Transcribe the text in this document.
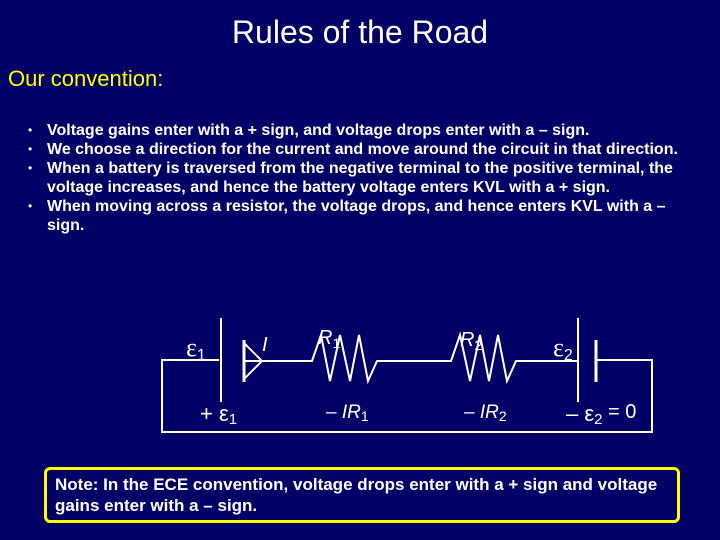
Rules of the Road
Our convention:
• Voltage gains enter with a + sign, and voltage drops enter with a – sign.
• We choose a direction for the current and move around the circuit in that direction.
• When a battery is traversed from the negative terminal to the positive terminal, the voltage increases, and hence the battery voltage enters KVL with a + sign.
• When moving across a resistor, the voltage drops, and hence enters KVL with a – sign.
ε1	I	$R_1$	$R_2$	ε2
+ ε1	– IR1	– IR2	– ε2 = 0
Note: In the ECE convention, voltage drops enter with a + sign and voltage gains enter with a – sign.
